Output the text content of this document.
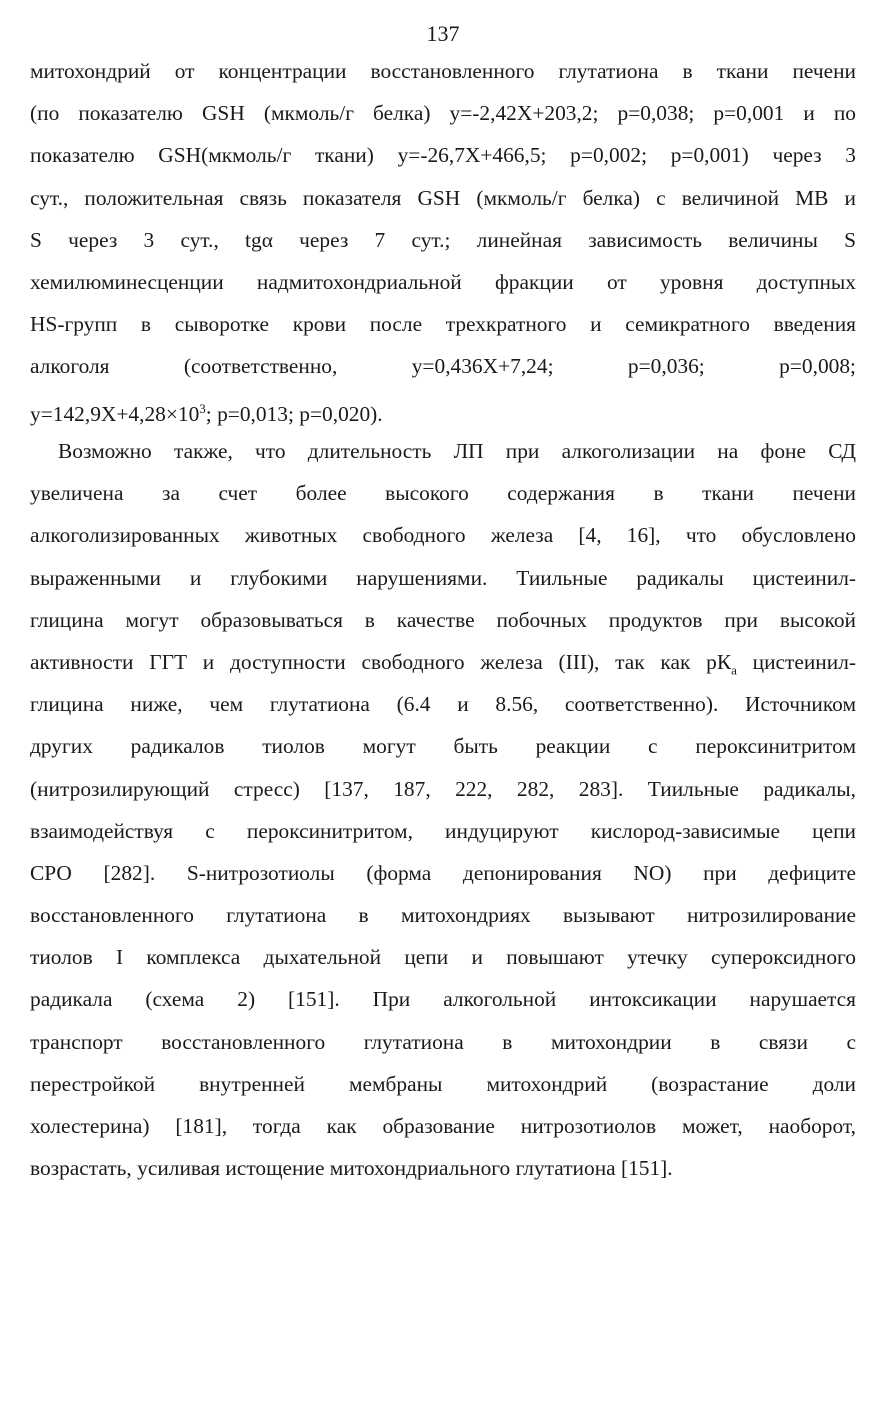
137
митохондрий от концентрации восстановленного глутатиона в ткани печени
(по показателю GSH (мкмоль/г белка) у=-2,42Х+203,2; р=0,038; р=0,001 и по
показателю GSH(мкмоль/г ткани) у=-26,7Х+466,5; р=0,002; р=0,001) через 3
сут., положительная связь показателя GSH (мкмоль/г белка) с величиной MB и
S через 3 сут., tgα через 7 сут.; линейная зависимость величины S
хемилюминесценции надмитохондриальной фракции от уровня доступных
HS-групп в сыворотке крови после трехкратного и семикратного введения
алкоголя (соответственно, у=0,436Х+7,24; р=0,036; р=0,008;
$у=142,9Х+4,28\times 10^3$; р=0,013; р=0,020).
Возможно также, что длительность ЛП при алкоголизации на фоне СД
увеличена за счет более высокого содержания в ткани печени
алкоголизированных животных свободного железа [4, 16], что обусловлено
выраженными и глубокими нарушениями. Тиильные радикалы цистеинил-
глицина могут образовываться в качестве побочных продуктов при высокой
активности ГГТ и доступности свободного железа (III), так как $рК_а$ цистеинил-
глицина ниже, чем глутатиона (6.4 и 8.56, соответственно). Источником
других радикалов тиолов могут быть реакции с пероксинитритом
(нитрозилирующий стресс) [137, 187, 222, 282, 283]. Тиильные радикалы,
взаимодействуя с пероксинитритом, индуцируют кислород-зависимые цепи
СРО [282]. S-нитрозотиолы (форма депонирования NO) при дефиците
восстановленного глутатиона в митохондриях вызывают нитрозилирование
тиолов I комплекса дыхательной цепи и повышают утечку супероксидного
радикала (схема 2) [151]. При алкогольной интоксикации нарушается
транспорт восстановленного глутатиона в митохондрии в связи с
перестройкой внутренней мембраны митохондрий (возрастание доли
холестерина) [181], тогда как образование нитрозотиолов может, наоборот,
возрастать, усиливая истощение митохондриального глутатиона [151].
